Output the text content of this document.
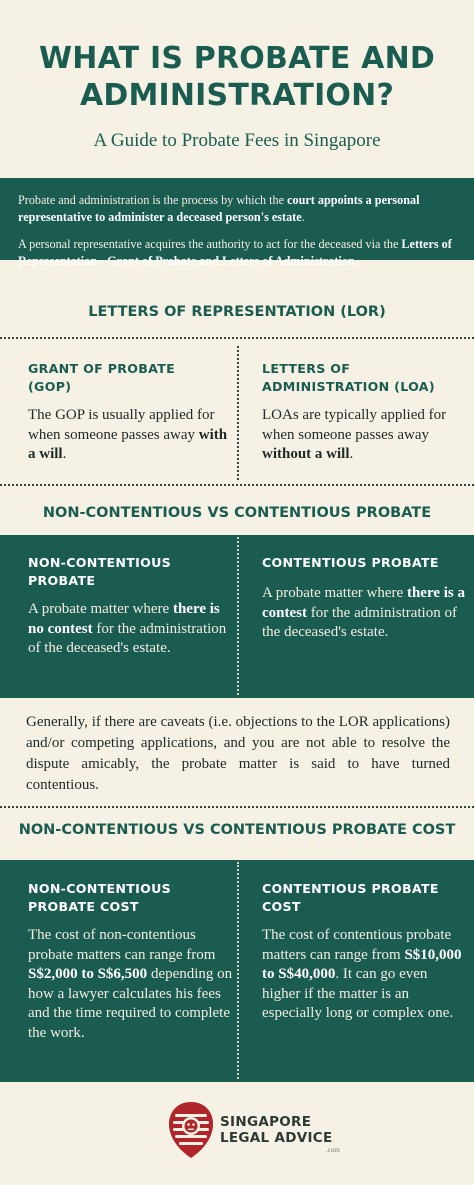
WHAT IS PROBATE AND
ADMINISTRATION?
A Guide to Probate Fees in Singapore

Probate and administration is the process by which the court appoints a personal representative to administer a deceased person's estate.

A personal representative acquires the authority to act for the deceased via the Letters of Representation - Grant of Probate and Letters of Administration.

LETTERS OF REPRESENTATION (LOR)
GRANT OF PROBATE
(GOP)

The GOP is usually applied for when someone passes away with a will.

LETTERS OF
ADMINISTRATION (LOA)

LOAs are typically applied for when someone passes away without a will.

NON-CONTENTIOUS VS CONTENTIOUS PROBATE
NON-CONTENTIOUS
PROBATE

A probate matter where there is no contest for the administration of the deceased's estate.

CONTENTIOUS PROBATE

A probate matter where there is a contest for the administration of the deceased's estate.

Generally, if there are caveats (i.e. objections to the LOR applications) and/or competing applications, and you are not able to resolve the dispute amicably, the probate matter is said to have turned contentious.
NON-CONTENTIOUS VS CONTENTIOUS PROBATE COST
NON-CONTENTIOUS
PROBATE COST

The cost of non-contentious probate matters can range from S$2,000 to S$6,500 depending on how a lawyer calculates his fees and the time required to complete the work.

CONTENTIOUS PROBATE
COST

The cost of contentious probate matters can range from S$10,000 to S$40,000. It can go even higher if the matter is an especially long or complex one.

SINGAPORE
LEGAL ADVICE
.com
